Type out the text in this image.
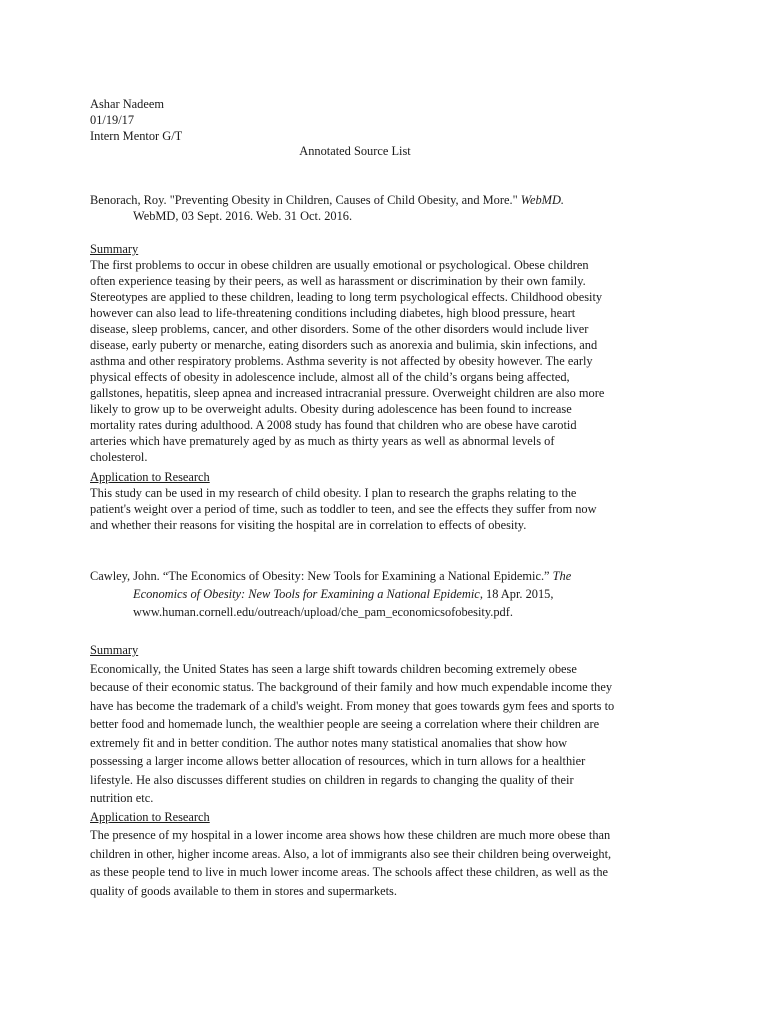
Ashar Nadeem
01/19/17
Intern Mentor G/T
Annotated Source List
Benorach, Roy. "Preventing Obesity in Children, Causes of Child Obesity, and More." WebMD.
WebMD, 03 Sept. 2016. Web. 31 Oct. 2016.
Summary
The first problems to occur in obese children are usually emotional or psychological. Obese children
often experience teasing by their peers, as well as harassment or discrimination by their own family.
Stereotypes are applied to these children, leading to long term psychological effects. Childhood obesity
however can also lead to life-threatening conditions including diabetes, high blood pressure, heart
disease, sleep problems, cancer, and other disorders. Some of the other disorders would include liver
disease, early puberty or menarche, eating disorders such as anorexia and bulimia, skin infections, and
asthma and other respiratory problems. Asthma severity is not affected by obesity however. The early
physical effects of obesity in adolescence include, almost all of the child’s organs being affected,
gallstones, hepatitis, sleep apnea and increased intracranial pressure. Overweight children are also more
likely to grow up to be overweight adults. Obesity during adolescence has been found to increase
mortality rates during adulthood. A 2008 study has found that children who are obese have carotid
arteries which have prematurely aged by as much as thirty years as well as abnormal levels of
cholesterol.
Application to Research
This study can be used in my research of child obesity. I plan to research the graphs relating to the
patient's weight over a period of time, such as toddler to teen, and see the effects they suffer from now
and whether their reasons for visiting the hospital are in correlation to effects of obesity.
Cawley, John. “The Economics of Obesity: New Tools for Examining a National Epidemic.” The
Economics of Obesity: New Tools for Examining a National Epidemic, 18 Apr. 2015,
www.human.cornell.edu/outreach/upload/che_pam_economicsofobesity.pdf.
Summary
Economically, the United States has seen a large shift towards children becoming extremely obese
because of their economic status. The background of their family and how much expendable income they
have has become the trademark of a child's weight. From money that goes towards gym fees and sports to
better food and homemade lunch, the wealthier people are seeing a correlation where their children are
extremely fit and in better condition. The author notes many statistical anomalies that show how
possessing a larger income allows better allocation of resources, which in turn allows for a healthier
lifestyle. He also discusses different studies on children in regards to changing the quality of their
nutrition etc.
Application to Research
The presence of my hospital in a lower income area shows how these children are much more obese than
children in other, higher income areas. Also, a lot of immigrants also see their children being overweight,
as these people tend to live in much lower income areas. The schools affect these children, as well as the
quality of goods available to them in stores and supermarkets.
